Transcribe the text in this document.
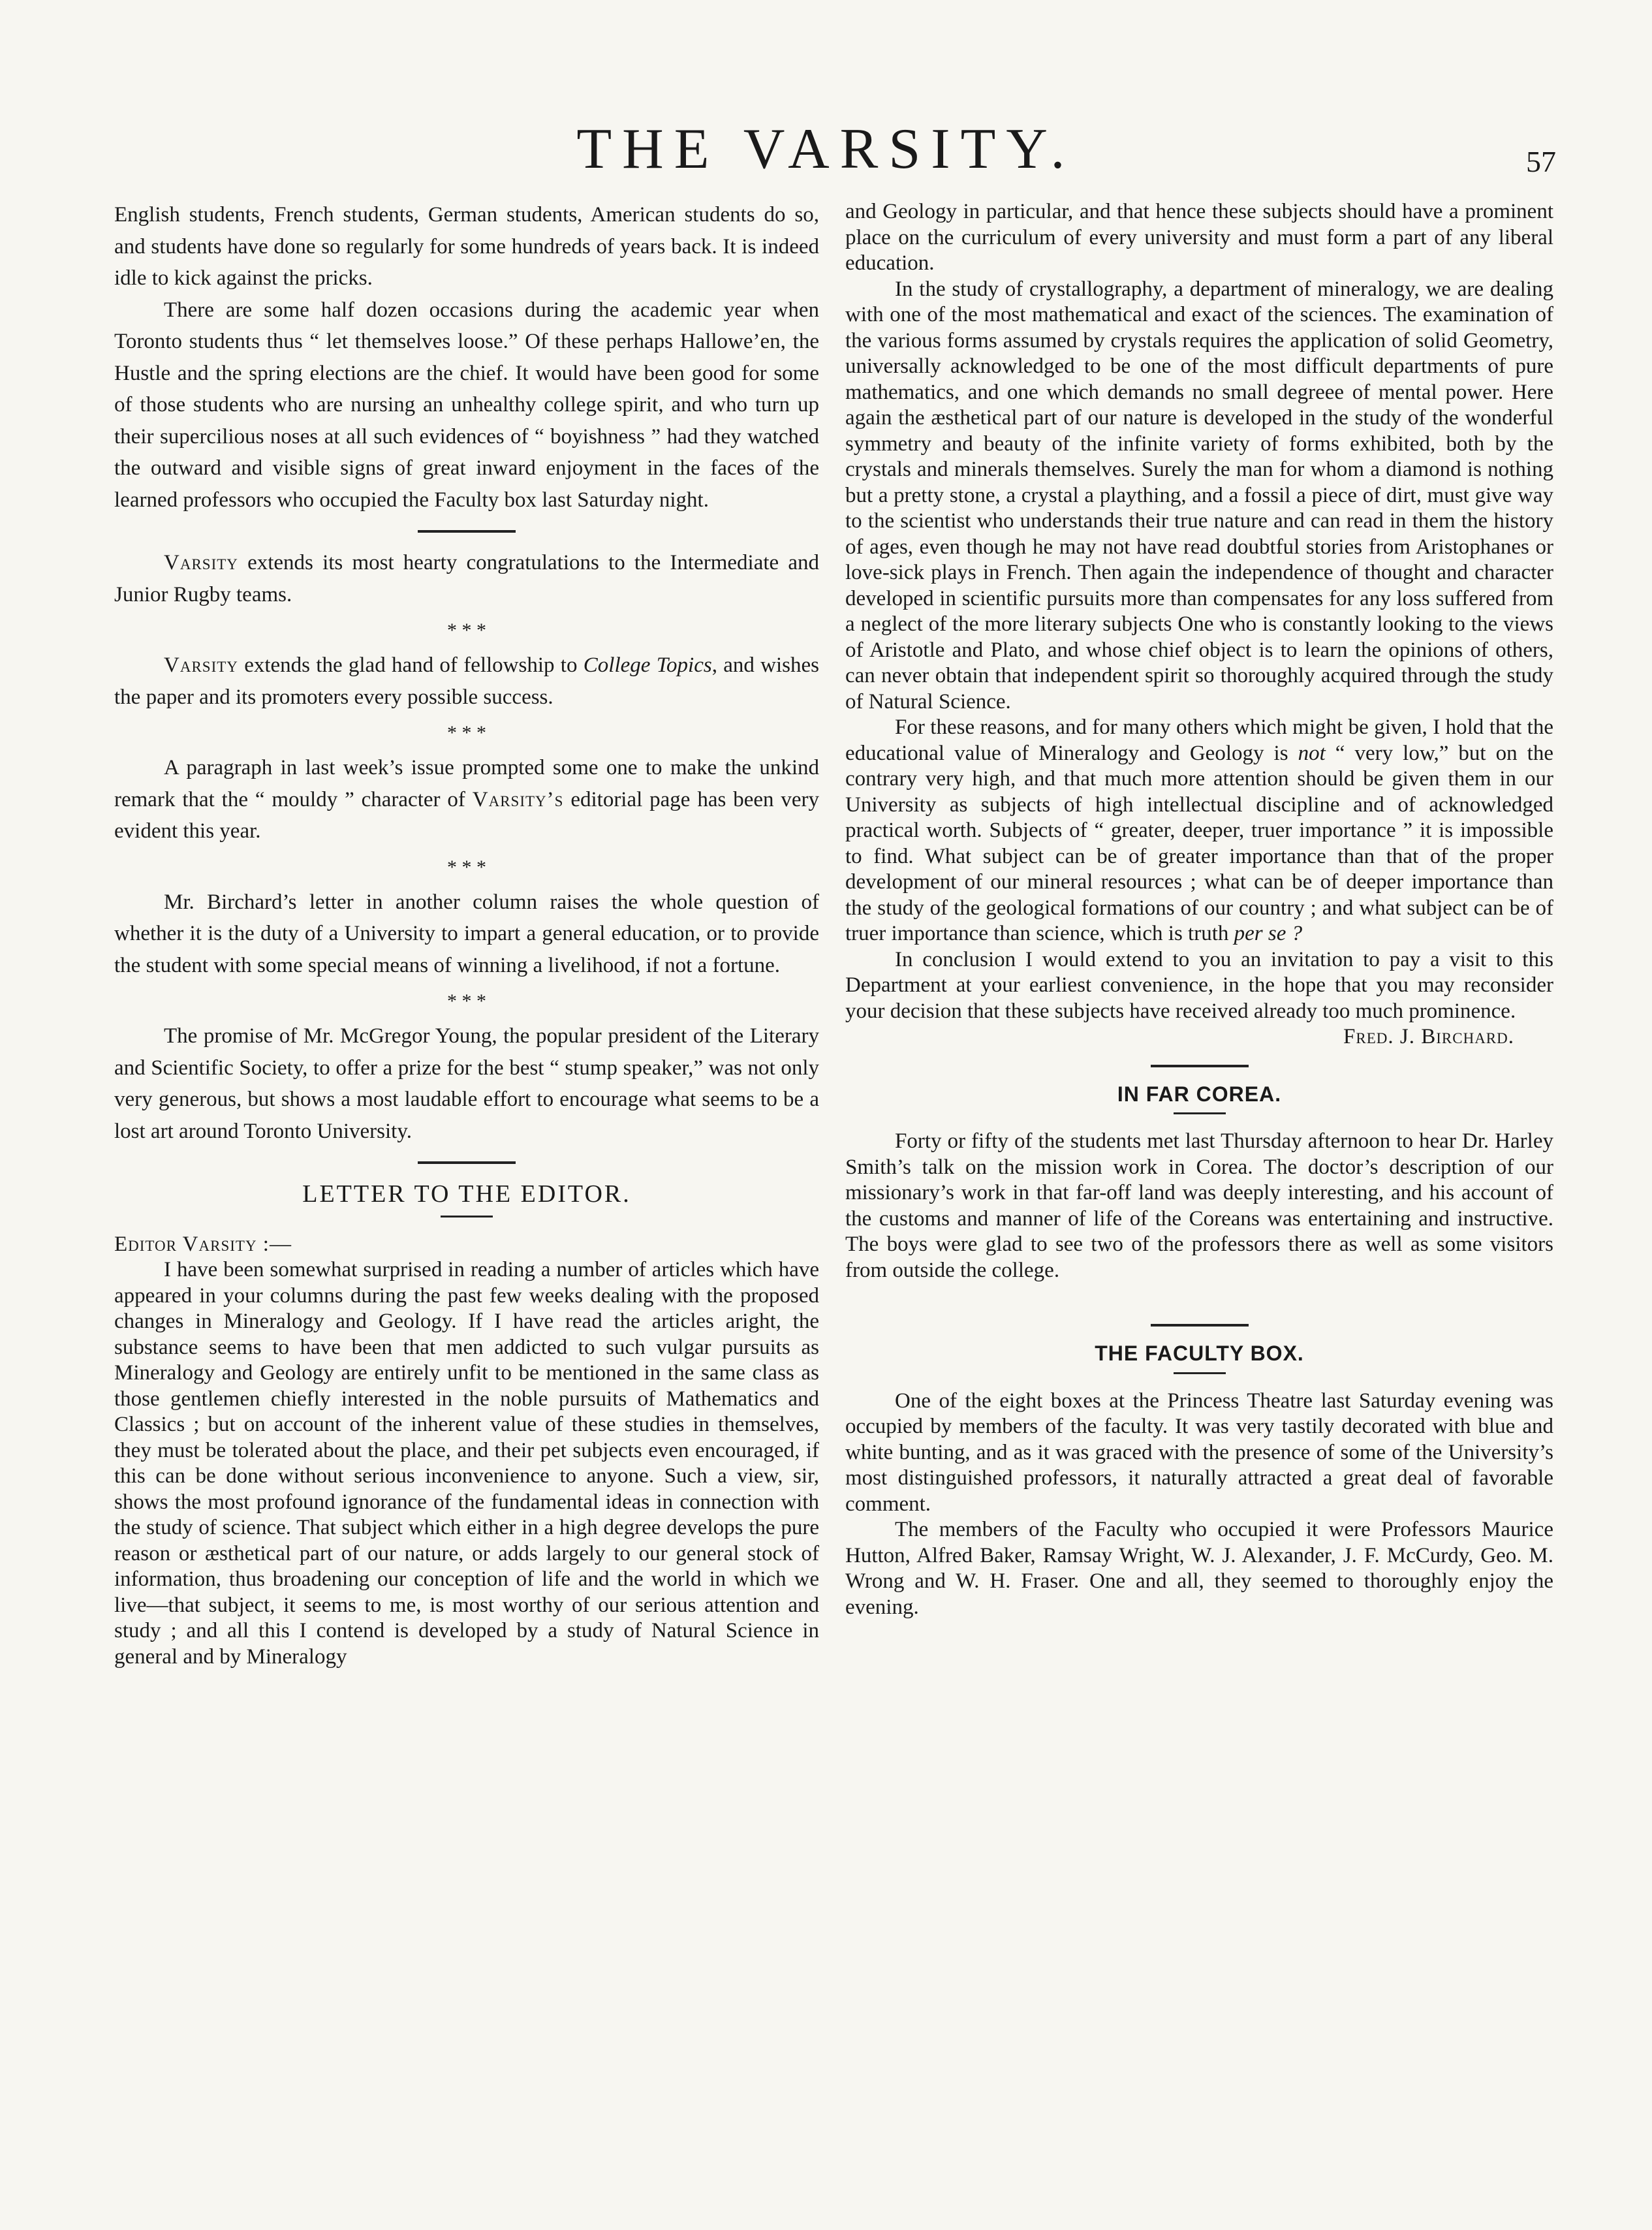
THE VARSITY.	57

English students, French students, German students, American students do so, and students have done so regularly for some hundreds of years back. It is indeed idle to kick against the pricks.

There are some half dozen occasions during the academic year when Toronto students thus “ let themselves loose.” Of these perhaps Hallowe’en, the Hustle and the spring elections are the chief. It would have been good for some of those students who are nursing an unhealthy college spirit, and who turn up their supercilious noses at all such evidences of “ boyishness ” had they watched the outward and visible signs of great inward enjoyment in the faces of the learned professors who occupied the Faculty box last Saturday night.

Varsity extends its most hearty congratulations to the Intermediate and Junior Rugby teams.

* * *

Varsity extends the glad hand of fellowship to College Topics, and wishes the paper and its promoters every possible success.

* * *

A paragraph in last week’s issue prompted some one to make the unkind remark that the “ mouldy ” character of Varsity’s editorial page has been very evident this year.

* * *

Mr. Birchard’s letter in another column raises the whole question of whether it is the duty of a University to impart a general education, or to provide the student with some special means of winning a livelihood, if not a fortune.

* * *

The promise of Mr. McGregor Young, the popular president of the Literary and Scientific Society, to offer a prize for the best “ stump speaker,” was not only very generous, but shows a most laudable effort to encourage what seems to be a lost art around Toronto University.

LETTER TO THE EDITOR.

Editor Varsity :—

I have been somewhat surprised in reading a number of articles which have appeared in your columns during the past few weeks dealing with the proposed changes in Mineralogy and Geology. If I have read the articles aright, the substance seems to have been that men addicted to such vulgar pursuits as Mineralogy and Geology are entirely unfit to be mentioned in the same class as those gentlemen chiefly interested in the noble pursuits of Mathematics and Classics ; but on account of the inherent value of these studies in themselves, they must be tolerated about the place, and their pet subjects even encouraged, if this can be done without serious inconvenience to anyone. Such a view, sir, shows the most profound ignorance of the fundamental ideas in connection with the study of science. That subject which either in a high degree develops the pure reason or æsthetical part of our nature, or adds largely to our general stock of information, thus broadening our conception of life and the world in which we live—that subject, it seems to me, is most worthy of our serious attention and study ; and all this I contend is developed by a study of Natural Science in general and by Mineralogy

and Geology in particular, and that hence these subjects should have a prominent place on the curriculum of every university and must form a part of any liberal education.

In the study of crystallography, a department of mineralogy, we are dealing with one of the most mathematical and exact of the sciences. The examination of the various forms assumed by crystals requires the application of solid Geometry, universally acknowledged to be one of the most difficult departments of pure mathematics, and one which demands no small degreee of mental power. Here again the æsthetical part of our nature is developed in the study of the wonderful symmetry and beauty of the infinite variety of forms exhibited, both by the crystals and minerals themselves. Surely the man for whom a diamond is nothing but a pretty stone, a crystal a plaything, and a fossil a piece of dirt, must give way to the scientist who understands their true nature and can read in them the history of ages, even though he may not have read doubtful stories from Aristophanes or love-sick plays in French. Then again the independence of thought and character developed in scientific pursuits more than compensates for any loss suffered from a neglect of the more literary subjects One who is constantly looking to the views of Aristotle and Plato, and whose chief object is to learn the opinions of others, can never obtain that independent spirit so thoroughly acquired through the study of Natural Science.

For these reasons, and for many others which might be given, I hold that the educational value of Mineralogy and Geology is not “ very low,” but on the contrary very high, and that much more attention should be given them in our University as subjects of high intellectual discipline and of acknowledged practical worth. Subjects of “ greater, deeper, truer importance ” it is impossible to find. What subject can be of greater importance than that of the proper development of our mineral resources ; what can be of deeper importance than the study of the geological formations of our country ; and what subject can be of truer importance than science, which is truth per se ?

In conclusion I would extend to you an invitation to pay a visit to this Department at your earliest convenience, in the hope that you may reconsider your decision that these subjects have received already too much prominence.

Fred. J. Birchard.

IN FAR COREA.

Forty or fifty of the students met last Thursday afternoon to hear Dr. Harley Smith’s talk on the mission work in Corea. The doctor’s description of our missionary’s work in that far-off land was deeply interesting, and his account of the customs and manner of life of the Coreans was entertaining and instructive. The boys were glad to see two of the professors there as well as some visitors from outside the college.

THE FACULTY BOX.

One of the eight boxes at the Princess Theatre last Saturday evening was occupied by members of the faculty. It was very tastily decorated with blue and white bunting, and as it was graced with the presence of some of the University’s most distinguished professors, it naturally attracted a great deal of favorable comment.

The members of the Faculty who occupied it were Professors Maurice Hutton, Alfred Baker, Ramsay Wright, W. J. Alexander, J. F. McCurdy, Geo. M. Wrong and W. H. Fraser. One and all, they seemed to thoroughly enjoy the evening.
